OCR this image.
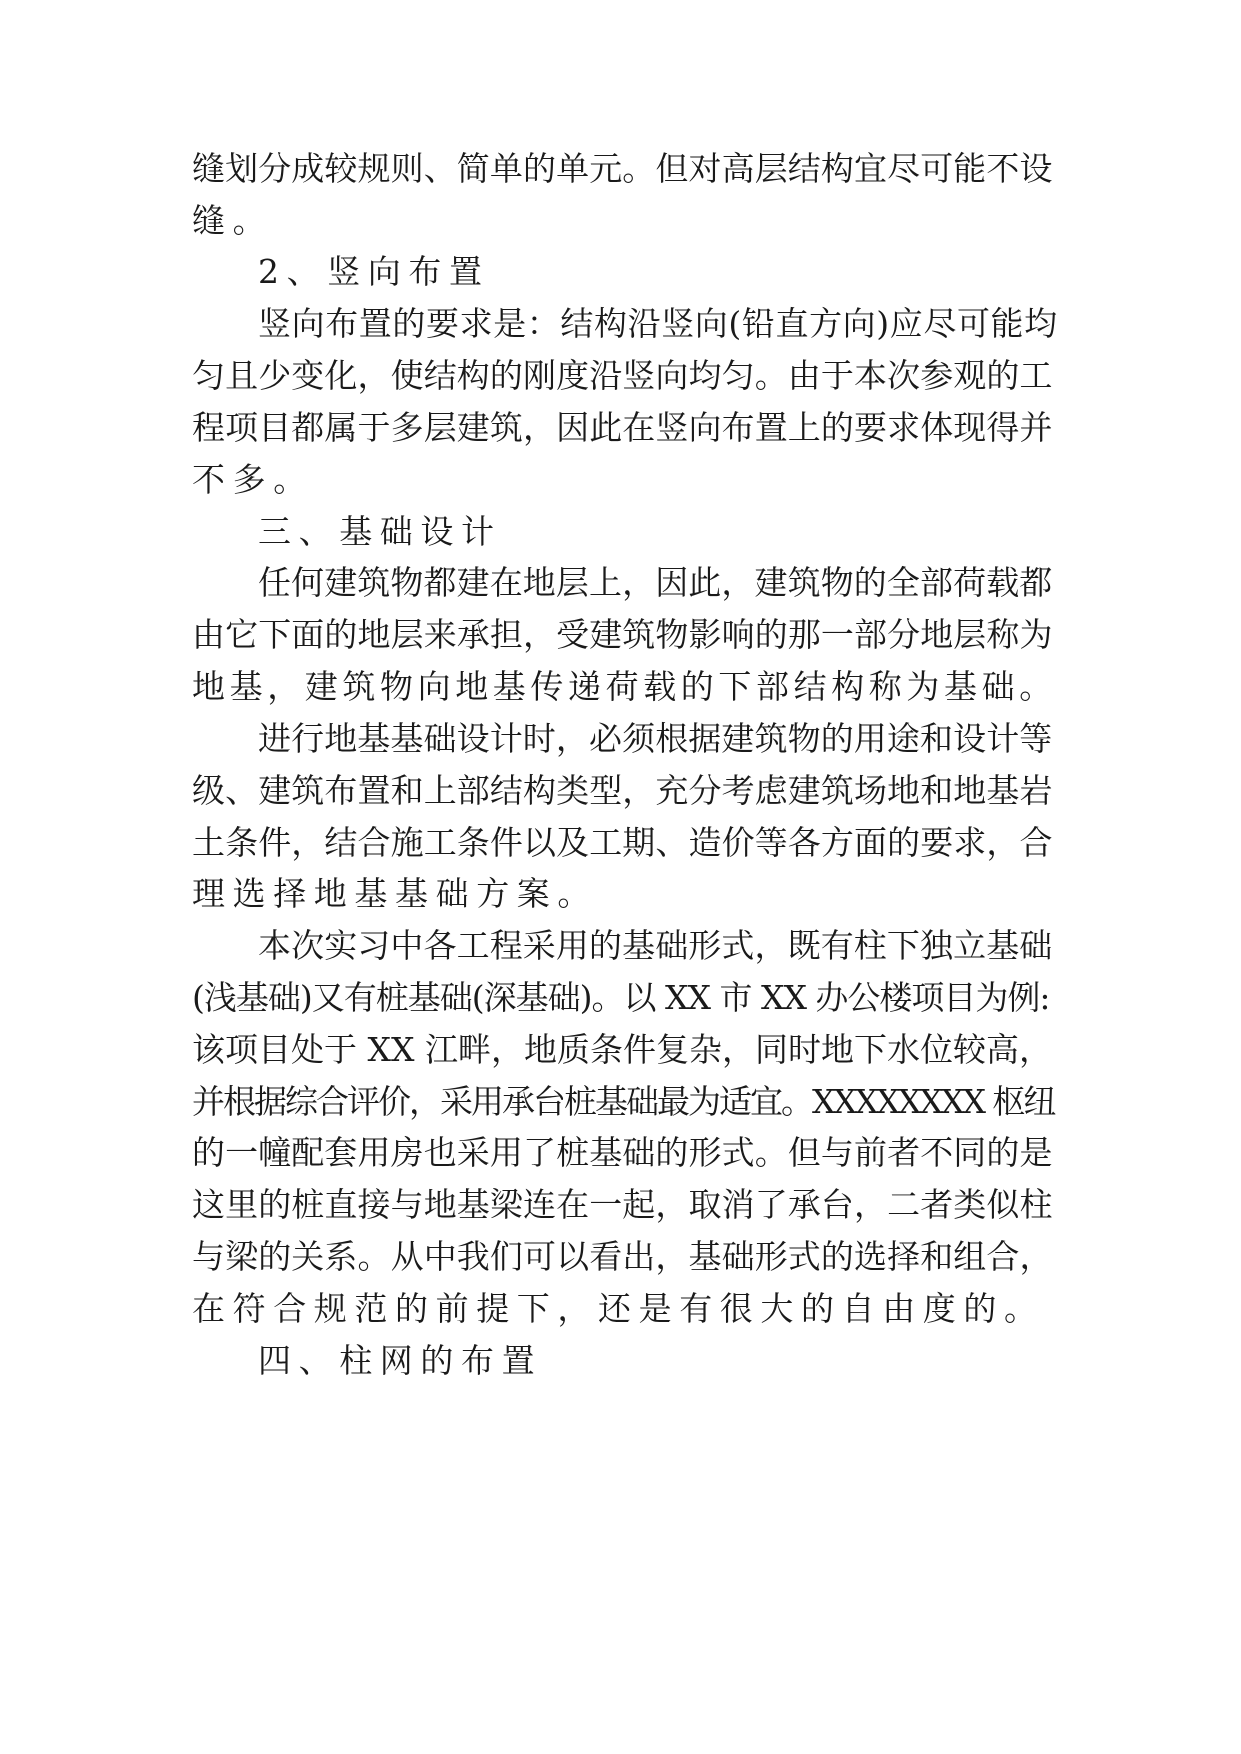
缝划分成较规则、简单的单元。但对高层结构宜尽可能不设

缝。

2、竖向布置

竖向布置的要求是：结构沿竖向(铅直方向)应尽可能均

匀且少变化，使结构的刚度沿竖向均匀。由于本次参观的工

程项目都属于多层建筑，因此在竖向布置上的要求体现得并

不多。

三、基础设计

任何建筑物都建在地层上，因此，建筑物的全部荷载都

由它下面的地层来承担，受建筑物影响的那一部分地层称为

地基，建筑物向地基传递荷载的下部结构称为基础。

进行地基基础设计时，必须根据建筑物的用途和设计等

级、建筑布置和上部结构类型，充分考虑建筑场地和地基岩

土条件，结合施工条件以及工期、造价等各方面的要求，合

理选择地基基础方案。

本次实习中各工程采用的基础形式，既有柱下独立基础

(浅基础)又有桩基础(深基础)。以 XX 市 XX 办公楼项目为例:

该项目处于 XX 江畔，地质条件复杂，同时地下水位较高，

并根据综合评价，采用承台桩基础最为适宜。XXXXXXXX 枢纽

的一幢配套用房也采用了桩基础的形式。但与前者不同的是

这里的桩直接与地基梁连在一起，取消了承台，二者类似柱

与梁的关系。从中我们可以看出，基础形式的选择和组合，

在符合规范的前提下，还是有很大的自由度的。

四、柱网的布置
